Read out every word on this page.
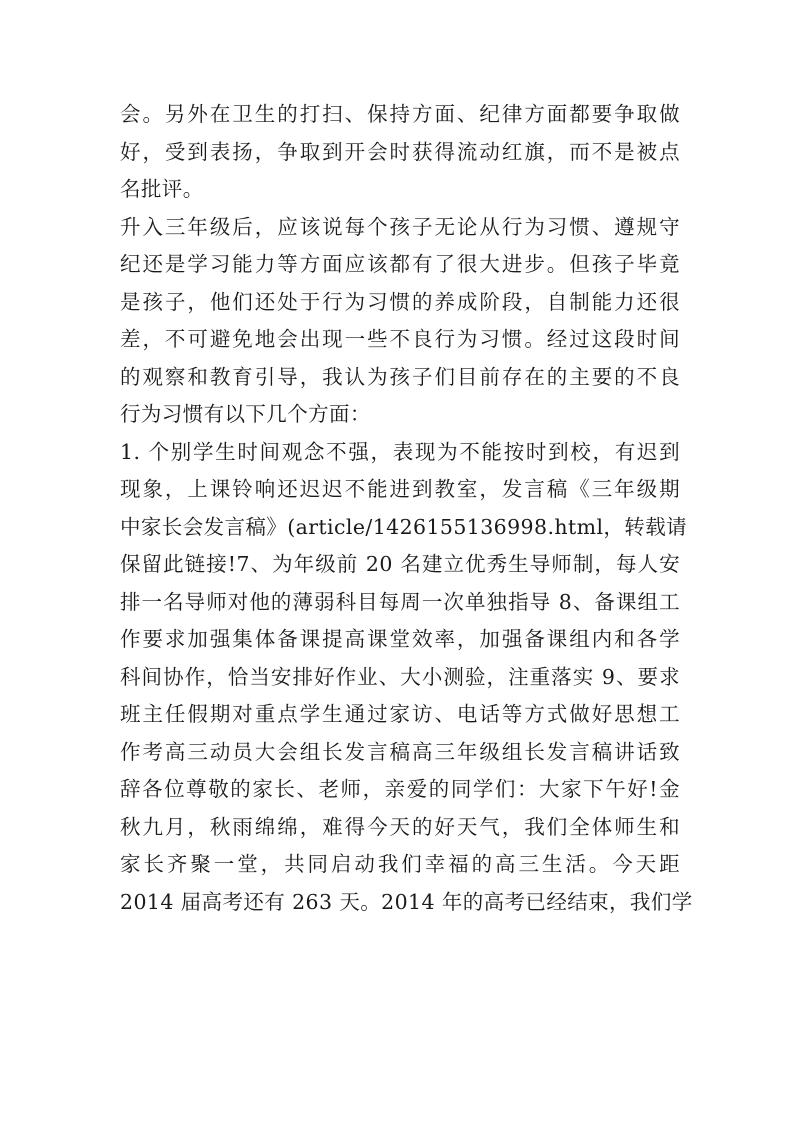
会。另外在卫生的打扫、保持方面、纪律方面都要争取做
好，受到表扬，争取到开会时获得流动红旗，而不是被点
名批评。
升入三年级后，应该说每个孩子无论从行为习惯、遵规守
纪还是学习能力等方面应该都有了很大进步。但孩子毕竟
是孩子，他们还处于行为习惯的养成阶段，自制能力还很
差，不可避免地会出现一些不良行为习惯。经过这段时间
的观察和教育引导，我认为孩子们目前存在的主要的不良
行为习惯有以下几个方面：
1. 个别学生时间观念不强，表现为不能按时到校，有迟到
现象，上课铃响还迟迟不能进到教室，发言稿《三年级期
中家长会发言稿》(article/1426155136998.html，转载请
保留此链接!7、为年级前 20 名建立优秀生导师制，每人安
排一名导师对他的薄弱科目每周一次单独指导 8、备课组工
作要求加强集体备课提高课堂效率，加强备课组内和各学
科间协作，恰当安排好作业、大小测验，注重落实 9、要求
班主任假期对重点学生通过家访、电话等方式做好思想工
作考高三动员大会组长发言稿高三年级组长发言稿讲话致
辞各位尊敬的家长、老师，亲爱的同学们：大家下午好!金
秋九月，秋雨绵绵，难得今天的好天气，我们全体师生和
家长齐聚一堂，共同启动我们幸福的高三生活。今天距
2014 届高考还有 263 天。2014 年的高考已经结束，我们学
